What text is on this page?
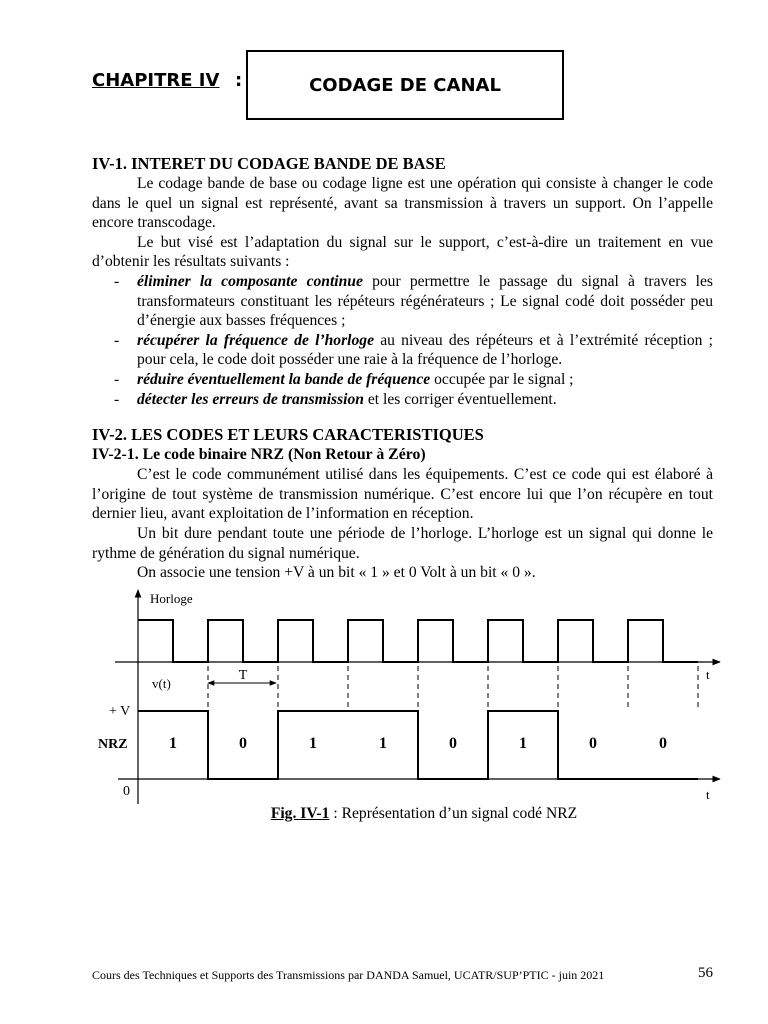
CHAPITRE IV :	CODAGE DE CANAL
IV-1. INTERET DU CODAGE BANDE DE BASE
Le codage bande de base ou codage ligne est une opération qui consiste à changer le code dans le quel un signal est représenté, avant sa transmission à travers un support. On l’appelle encore transcodage.
Le but visé est l’adaptation du signal sur le support, c’est-à-dire un traitement en vue d’obtenir les résultats suivants :
- éliminer la composante continue pour permettre le passage du signal à travers les transformateurs constituant les répéteurs régénérateurs ; Le signal codé doit posséder peu d’énergie aux basses fréquences ;
- récupérer la fréquence de l’horloge au niveau des répéteurs et à l’extrémité réception ; pour cela, le code doit posséder une raie à la fréquence de l’horloge.
- réduire éventuellement la bande de fréquence occupée par le signal ;
- détecter les erreurs de transmission et les corriger éventuellement.
IV-2. LES CODES ET LEURS CARACTERISTIQUES
IV-2-1. Le code binaire NRZ (Non Retour à Zéro)
C’est le code communément utilisé dans les équipements. C’est ce code qui est élaboré à l’origine de tout système de transmission numérique. C’est encore lui que l’on récupère en tout dernier lieu, avant exploitation de l’information en réception.
Un bit dure pendant toute une période de l’horloge. L’horloge est un signal qui donne le rythme de génération du signal numérique.
On associe une tension +V à un bit « 1 » et 0 Volt à un bit « 0 ».
T
1	0	1	1	0	1	0	0
Horloge
t
v(t)
+ V
NRZ
0	t
Fig. IV-1 : Représentation d’un signal codé NRZ
Cours des Techniques et Supports des Transmissions par DANDA Samuel, UCATR/SUP’PTIC - juin 2021	56
